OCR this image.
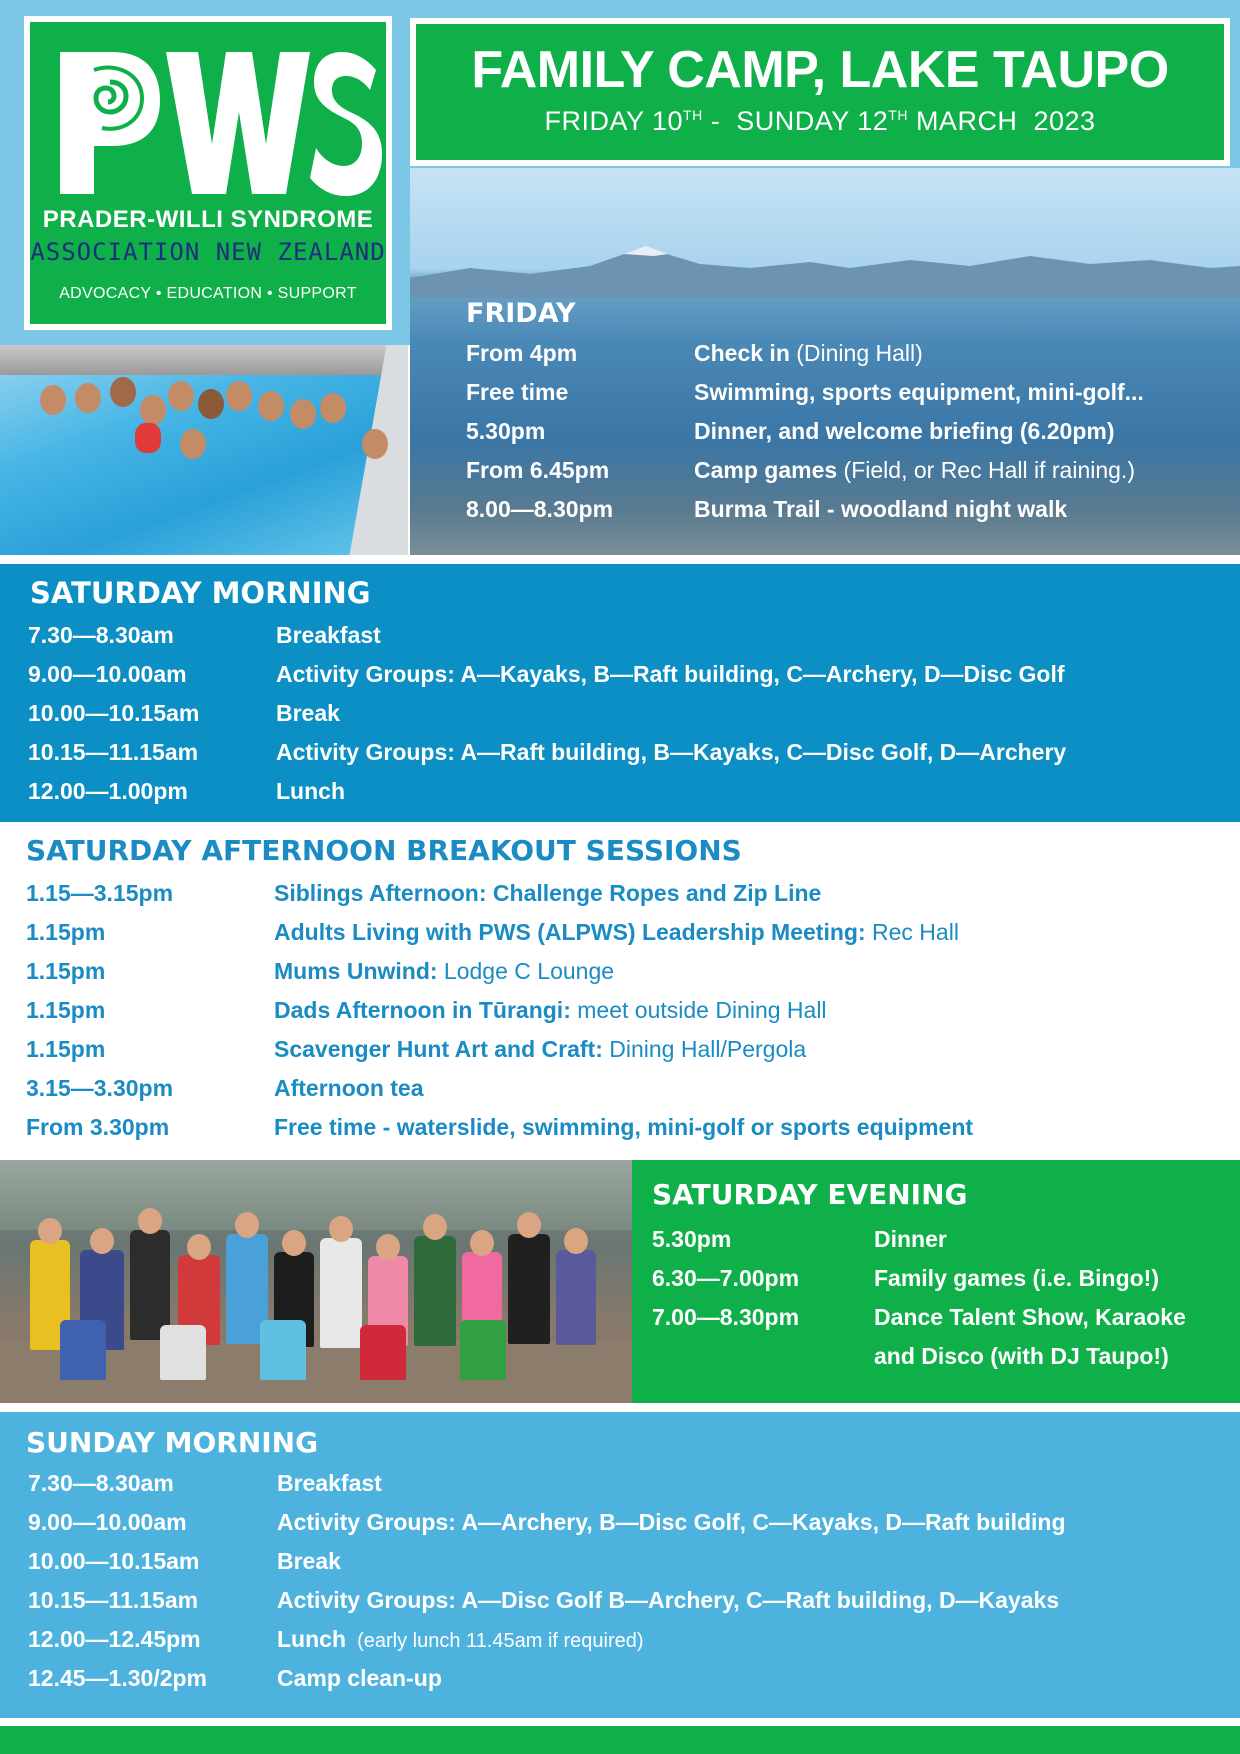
PRADER-WILLI SYNDROME
ASSOCIATION NEW ZEALAND
ADVOCACY • EDUCATION • SUPPORT
FAMILY CAMP, LAKE TAUPO
FRIDAY 10TH -  SUNDAY 12TH MARCH  2023
FRIDAY
From 4pm	Check in (Dining Hall)
Free time	Swimming, sports equipment, mini-golf...
5.30pm	Dinner, and welcome briefing (6.20pm)
From 6.45pm	Camp games (Field, or Rec Hall if raining.)
8.00—8.30pm	Burma Trail - woodland night walk
SATURDAY MORNING
7.30—8.30am	Breakfast
9.00—10.00am	Activity Groups: A—Kayaks, B—Raft building, C—Archery, D—Disc Golf
10.00—10.15am	Break
10.15—11.15am	Activity Groups: A—Raft building, B—Kayaks, C—Disc Golf, D—Archery
12.00—1.00pm	Lunch
SATURDAY AFTERNOON BREAKOUT SESSIONS
1.15—3.15pm	Siblings Afternoon: Challenge Ropes and Zip Line
1.15pm	Adults Living with PWS (ALPWS) Leadership Meeting: Rec Hall
1.15pm	Mums Unwind: Lodge C Lounge
1.15pm	Dads Afternoon in Tūrangi: meet outside Dining Hall
1.15pm	Scavenger Hunt Art and Craft: Dining Hall/Pergola
3.15—3.30pm	Afternoon tea
From 3.30pm	Free time - waterslide, swimming, mini-golf or sports equipment
SATURDAY EVENING
5.30pm	Dinner
6.30—7.00pm	Family games (i.e. Bingo!)
7.00—8.30pm	Dance Talent Show, Karaoke
and Disco (with DJ Taupo!)
SUNDAY MORNING
7.30—8.30am	Breakfast
9.00—10.00am	Activity Groups: A—Archery, B—Disc Golf, C—Kayaks, D—Raft building
10.00—10.15am	Break
10.15—11.15am	Activity Groups: A—Disc Golf B—Archery, C—Raft building, D—Kayaks
12.00—12.45pm	Lunch  (early lunch 11.45am if required)
12.45—1.30/2pm	Camp clean-up
